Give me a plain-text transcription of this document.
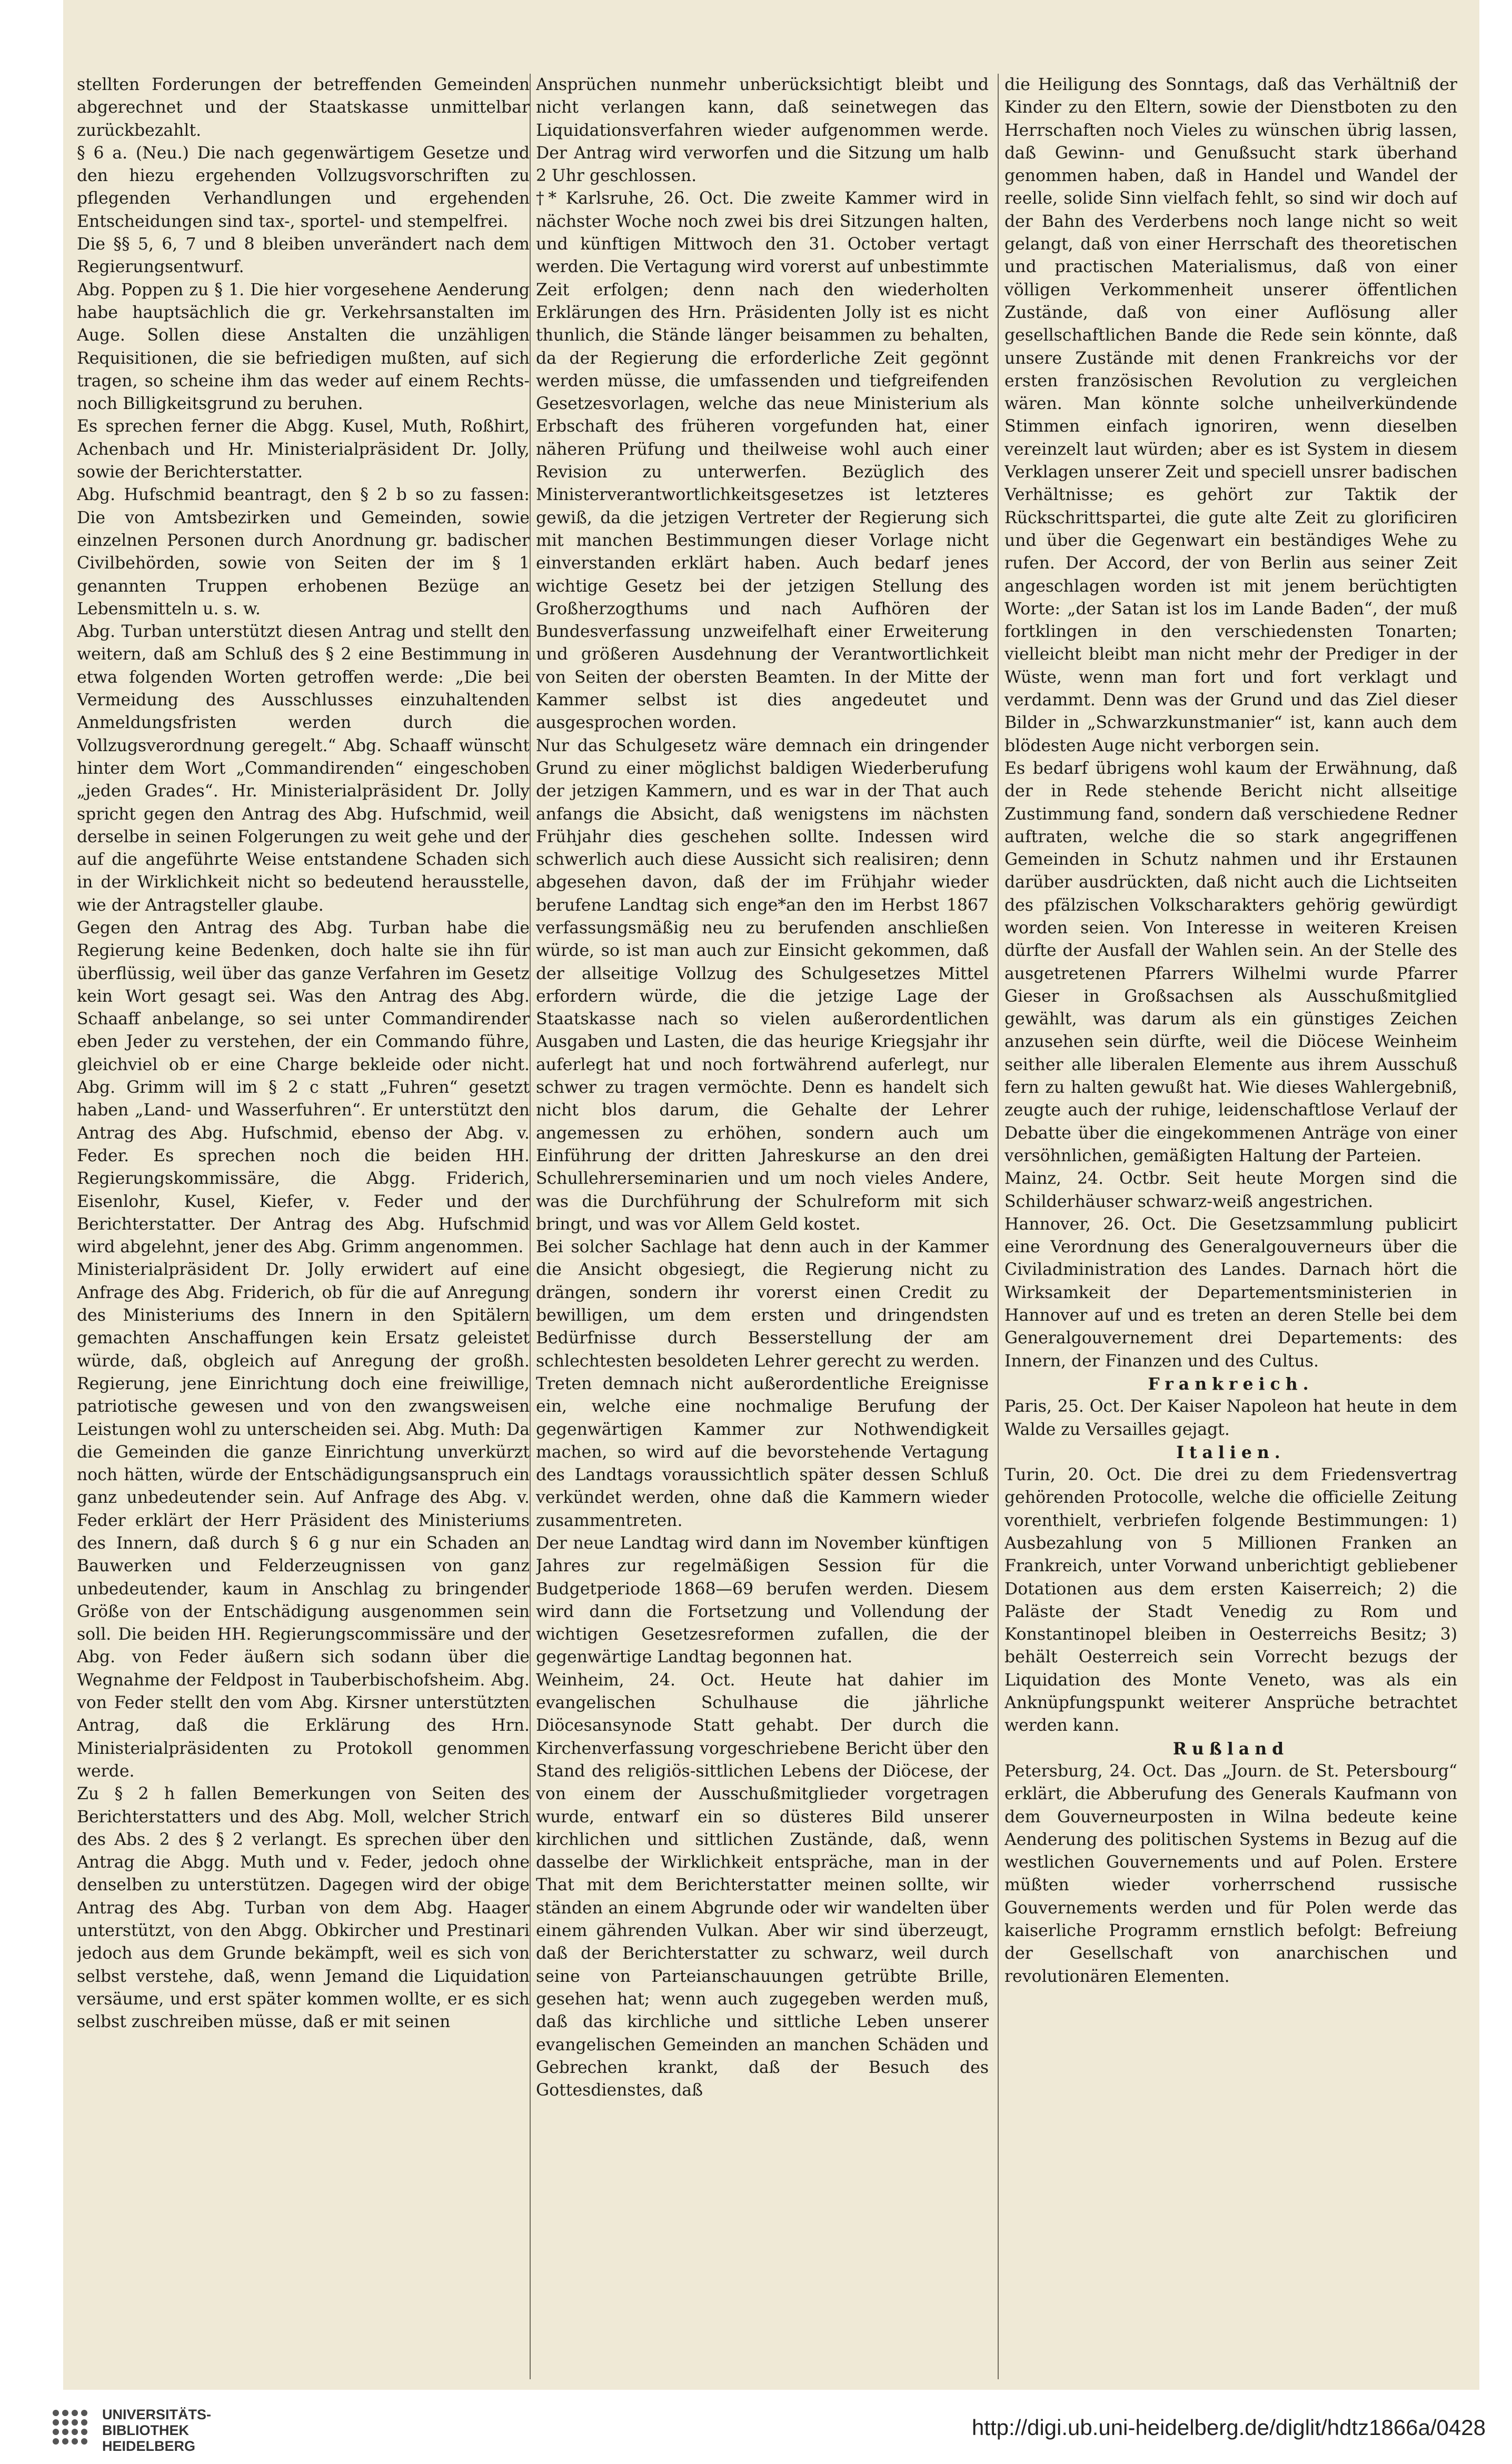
stellten Forderungen der betreffenden Gemeinden abgerechnet und der Staatskasse unmittelbar zurückbezahlt.

§ 6 a. (Neu.) Die nach gegenwärtigem Gesetze und den hiezu ergehenden Vollzugsvorschriften zu pflegenden Verhandlungen und ergehenden Entscheidungen sind tax-, sportel- und stempelfrei.

Die §§ 5, 6, 7 und 8 bleiben unverändert nach dem Regierungsentwurf.

Abg. Poppen zu § 1. Die hier vorgesehene Aenderung habe hauptsächlich die gr. Verkehrsanstalten im Auge. Sollen diese Anstalten die unzähligen Requisitionen, die sie befriedigen mußten, auf sich tragen, so scheine ihm das weder auf einem Rechts- noch Billigkeitsgrund zu beruhen.

Es sprechen ferner die Abgg. Kusel, Muth, Roßhirt, Achenbach und Hr. Ministerialpräsident Dr. Jolly, sowie der Berichterstatter.

Abg. Hufschmid beantragt, den § 2 b so zu fassen: Die von Amtsbezirken und Gemeinden, sowie einzelnen Personen durch Anordnung gr. badischer Civilbehörden, sowie von Seiten der im § 1 genannten Truppen erhobenen Bezüge an Lebensmitteln u. s. w.

Abg. Turban unterstützt diesen Antrag und stellt den weitern, daß am Schluß des § 2 eine Bestimmung in etwa folgenden Worten getroffen werde: „Die bei Vermeidung des Ausschlusses einzuhaltenden Anmeldungsfristen werden durch die Vollzugsverordnung geregelt.“ Abg. Schaaff wünscht hinter dem Wort „Commandirenden“ eingeschoben „jeden Grades“. Hr. Ministerialpräsident Dr. Jolly spricht gegen den Antrag des Abg. Hufschmid, weil derselbe in seinen Folgerungen zu weit gehe und der auf die angeführte Weise entstandene Schaden sich in der Wirklichkeit nicht so bedeutend herausstelle, wie der Antragsteller glaube.

Gegen den Antrag des Abg. Turban habe die Regierung keine Bedenken, doch halte sie ihn für überflüssig, weil über das ganze Verfahren im Gesetz kein Wort gesagt sei. Was den Antrag des Abg. Schaaff anbelange, so sei unter Commandirender eben Jeder zu verstehen, der ein Commando führe, gleichviel ob er eine Charge bekleide oder nicht. Abg. Grimm will im § 2 c statt „Fuhren“ gesetzt haben „Land- und Wasserfuhren“. Er unterstützt den Antrag des Abg. Hufschmid, ebenso der Abg. v. Feder. Es sprechen noch die beiden HH. Regierungskommissäre, die Abgg. Friderich, Eisenlohr, Kusel, Kiefer, v. Feder und der Berichterstatter. Der Antrag des Abg. Hufschmid wird abgelehnt, jener des Abg. Grimm angenommen.

Ministerialpräsident Dr. Jolly erwidert auf eine Anfrage des Abg. Friderich, ob für die auf Anregung des Ministeriums des Innern in den Spitälern gemachten Anschaffungen kein Ersatz geleistet würde, daß, obgleich auf Anregung der großh. Regierung, jene Einrichtung doch eine freiwillige, patriotische gewesen und von den zwangsweisen Leistungen wohl zu unterscheiden sei. Abg. Muth: Da die Gemeinden die ganze Einrichtung unverkürzt noch hätten, würde der Entschädigungsanspruch ein ganz unbedeutender sein. Auf Anfrage des Abg. v. Feder erklärt der Herr Präsident des Ministeriums des Innern, daß durch § 6 g nur ein Schaden an Bauwerken und Felderzeugnissen von ganz unbedeutender, kaum in Anschlag zu bringender Größe von der Entschädigung ausgenommen sein soll. Die beiden HH. Regierungscommissäre und der Abg. von Feder äußern sich sodann über die Wegnahme der Feldpost in Tauberbischofsheim. Abg. von Feder stellt den vom Abg. Kirsner unterstützten Antrag, daß die Erklärung des Hrn. Ministerialpräsidenten zu Protokoll genommen werde.

Zu § 2 h fallen Bemerkungen von Seiten des Berichterstatters und des Abg. Moll, welcher Strich des Abs. 2 des § 2 verlangt. Es sprechen über den Antrag die Abgg. Muth und v. Feder, jedoch ohne denselben zu unterstützen. Dagegen wird der obige Antrag des Abg. Turban von dem Abg. Haager unterstützt, von den Abgg. Obkircher und Prestinari jedoch aus dem Grunde bekämpft, weil es sich von selbst verstehe, daß, wenn Jemand die Liquidation versäume, und erst später kommen wollte, er es sich selbst zuschreiben müsse, daß er mit seinen

Ansprüchen nunmehr unberücksichtigt bleibt und nicht verlangen kann, daß seinetwegen das Liquidationsverfahren wieder aufgenommen werde. Der Antrag wird verworfen und die Sitzung um halb 2 Uhr geschlossen.

†* Karlsruhe, 26. Oct. Die zweite Kammer wird in nächster Woche noch zwei bis drei Sitzungen halten, und künftigen Mittwoch den 31. October vertagt werden. Die Vertagung wird vorerst auf unbestimmte Zeit erfolgen; denn nach den wiederholten Erklärungen des Hrn. Präsidenten Jolly ist es nicht thunlich, die Stände länger beisammen zu behalten, da der Regierung die erforderliche Zeit gegönnt werden müsse, die umfassenden und tiefgreifenden Gesetzesvorlagen, welche das neue Ministerium als Erbschaft des früheren vorgefunden hat, einer näheren Prüfung und theilweise wohl auch einer Revision zu unterwerfen. Bezüglich des Ministerverantwortlichkeitsgesetzes ist letzteres gewiß, da die jetzigen Vertreter der Regierung sich mit manchen Bestimmungen dieser Vorlage nicht einverstanden erklärt haben. Auch bedarf jenes wichtige Gesetz bei der jetzigen Stellung des Großherzogthums und nach Aufhören der Bundesverfassung unzweifelhaft einer Erweiterung und größeren Ausdehnung der Verantwortlichkeit von Seiten der obersten Beamten. In der Mitte der Kammer selbst ist dies angedeutet und ausgesprochen worden.

Nur das Schulgesetz wäre demnach ein dringender Grund zu einer möglichst baldigen Wiederberufung der jetzigen Kammern, und es war in der That auch anfangs die Absicht, daß wenigstens im nächsten Frühjahr dies geschehen sollte. Indessen wird schwerlich auch diese Aussicht sich realisiren; denn abgesehen davon, daß der im Frühjahr wieder berufene Landtag sich enge*an den im Herbst 1867 verfassungsmäßig neu zu berufenden anschließen würde, so ist man auch zur Einsicht gekommen, daß der allseitige Vollzug des Schulgesetzes Mittel erfordern würde, die die jetzige Lage der Staatskasse nach so vielen außerordentlichen Ausgaben und Lasten, die das heurige Kriegsjahr ihr auferlegt hat und noch fortwährend auferlegt, nur schwer zu tragen vermöchte. Denn es handelt sich nicht blos darum, die Gehalte der Lehrer angemessen zu erhöhen, sondern auch um Einführung der dritten Jahreskurse an den drei Schullehrerseminarien und um noch vieles Andere, was die Durchführung der Schulreform mit sich bringt, und was vor Allem Geld kostet.

Bei solcher Sachlage hat denn auch in der Kammer die Ansicht obgesiegt, die Regierung nicht zu drängen, sondern ihr vorerst einen Credit zu bewilligen, um dem ersten und dringendsten Bedürfnisse durch Besserstellung der am schlechtesten besoldeten Lehrer gerecht zu werden.

Treten demnach nicht außerordentliche Ereignisse ein, welche eine nochmalige Berufung der gegenwärtigen Kammer zur Nothwendigkeit machen, so wird auf die bevorstehende Vertagung des Landtags voraussichtlich später dessen Schluß verkündet werden, ohne daß die Kammern wieder zusammentreten.

Der neue Landtag wird dann im November künftigen Jahres zur regelmäßigen Session für die Budgetperiode 1868—69 berufen werden. Diesem wird dann die Fortsetzung und Vollendung der wichtigen Gesetzesreformen zufallen, die der gegenwärtige Landtag begonnen hat.

Weinheim, 24. Oct. Heute hat dahier im evangelischen Schulhause die jährliche Diöcesansynode Statt gehabt. Der durch die Kirchenverfassung vorgeschriebene Bericht über den Stand des religiös-sittlichen Lebens der Diöcese, der von einem der Ausschußmitglieder vorgetragen wurde, entwarf ein so düsteres Bild unserer kirchlichen und sittlichen Zustände, daß, wenn dasselbe der Wirklichkeit entspräche, man in der That mit dem Berichterstatter meinen sollte, wir ständen an einem Abgrunde oder wir wandelten über einem gährenden Vulkan. Aber wir sind überzeugt, daß der Berichterstatter zu schwarz, weil durch seine von Parteianschauungen getrübte Brille, gesehen hat; wenn auch zugegeben werden muß, daß das kirchliche und sittliche Leben unserer evangelischen Gemeinden an manchen Schäden und Gebrechen krankt, daß der Besuch des Gottesdienstes, daß

die Heiligung des Sonntags, daß das Verhältniß der Kinder zu den Eltern, sowie der Dienstboten zu den Herrschaften noch Vieles zu wünschen übrig lassen, daß Gewinn- und Genußsucht stark überhand genommen haben, daß in Handel und Wandel der reelle, solide Sinn vielfach fehlt, so sind wir doch auf der Bahn des Verderbens noch lange nicht so weit gelangt, daß von einer Herrschaft des theoretischen und practischen Materialismus, daß von einer völligen Verkommenheit unserer öffentlichen Zustände, daß von einer Auflösung aller gesellschaftlichen Bande die Rede sein könnte, daß unsere Zustände mit denen Frankreichs vor der ersten französischen Revolution zu vergleichen wären. Man könnte solche unheilverkündende Stimmen einfach ignoriren, wenn dieselben vereinzelt laut würden; aber es ist System in diesem Verklagen unserer Zeit und speciell unsrer badischen Verhältnisse; es gehört zur Taktik der Rückschrittspartei, die gute alte Zeit zu glorificiren und über die Gegenwart ein beständiges Wehe zu rufen. Der Accord, der von Berlin aus seiner Zeit angeschlagen worden ist mit jenem berüchtigten Worte: „der Satan ist los im Lande Baden“, der muß fortklingen in den verschiedensten Tonarten; vielleicht bleibt man nicht mehr der Prediger in der Wüste, wenn man fort und fort verklagt und verdammt. Denn was der Grund und das Ziel dieser Bilder in „Schwarzkunstmanier“ ist, kann auch dem blödesten Auge nicht verborgen sein.

Es bedarf übrigens wohl kaum der Erwähnung, daß der in Rede stehende Bericht nicht allseitige Zustimmung fand, sondern daß verschiedene Redner auftraten, welche die so stark angegriffenen Gemeinden in Schutz nahmen und ihr Erstaunen darüber ausdrückten, daß nicht auch die Lichtseiten des pfälzischen Volkscharakters gehörig gewürdigt worden seien. Von Interesse in weiteren Kreisen dürfte der Ausfall der Wahlen sein. An der Stelle des ausgetretenen Pfarrers Wilhelmi wurde Pfarrer Gieser in Großsachsen als Ausschußmitglied gewählt, was darum als ein günstiges Zeichen anzusehen sein dürfte, weil die Diöcese Weinheim seither alle liberalen Elemente aus ihrem Ausschuß fern zu halten gewußt hat. Wie dieses Wahlergebniß, zeugte auch der ruhige, leidenschaftlose Verlauf der Debatte über die eingekommenen Anträge von einer versöhnlichen, gemäßigten Haltung der Parteien.

Mainz, 24. Octbr. Seit heute Morgen sind die Schilderhäuser schwarz-weiß angestrichen.

Hannover, 26. Oct. Die Gesetzsammlung publicirt eine Verordnung des Generalgouverneurs über die Civiladministration des Landes. Darnach hört die Wirksamkeit der Departementsministerien in Hannover auf und es treten an deren Stelle bei dem Generalgouvernement drei Departements: des Innern, der Finanzen und des Cultus.

Frankreich.

Paris, 25. Oct. Der Kaiser Napoleon hat heute in dem Walde zu Versailles gejagt.

Italien.

Turin, 20. Oct. Die drei zu dem Friedensvertrag gehörenden Protocolle, welche die officielle Zeitung vorenthielt, verbriefen folgende Bestimmungen: 1) Ausbezahlung von 5 Millionen Franken an Frankreich, unter Vorwand unberichtigt gebliebener Dotationen aus dem ersten Kaiserreich; 2) die Paläste der Stadt Venedig zu Rom und Konstantinopel bleiben in Oesterreichs Besitz; 3) behält Oesterreich sein Vorrecht bezugs der Liquidation des Monte Veneto, was als ein Anknüpfungspunkt weiterer Ansprüche betrachtet werden kann.

Rußland

Petersburg, 24. Oct. Das „Journ. de St. Petersbourg“ erklärt, die Abberufung des Generals Kaufmann von dem Gouverneurposten in Wilna bedeute keine Aenderung des politischen Systems in Bezug auf die westlichen Gouvernements und auf Polen. Erstere müßten wieder vorherrschend russische Gouvernements werden und für Polen werde das kaiserliche Programm ernstlich befolgt: Befreiung der Gesellschaft von anarchischen und revolutionären Elementen.

UNIVERSITÄTS-
BIBLIOTHEK
HEIDELBERG
http://digi.ub.uni-heidelberg.de/diglit/hdtz1866a/0428
